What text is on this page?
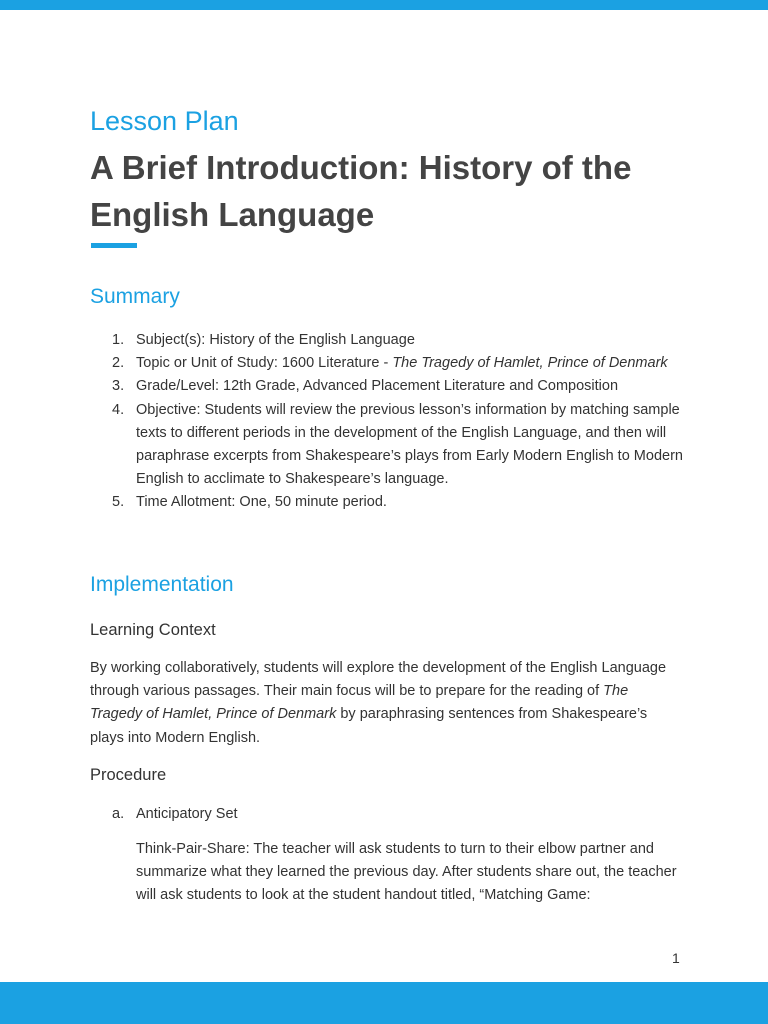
Lesson Plan
A Brief Introduction: History of the English Language
Summary
1. Subject(s): History of the English Language
2. Topic or Unit of Study: 1600 Literature - The Tragedy of Hamlet, Prince of Denmark
3. Grade/Level: 12th Grade, Advanced Placement Literature and Composition
4. Objective: Students will review the previous lesson’s information by matching sample texts to different periods in the development of the English Language, and then will paraphrase excerpts from Shakespeare’s plays from Early Modern English to Modern English to acclimate to Shakespeare’s language.
5. Time Allotment: One, 50 minute period.
Implementation
Learning Context

By working collaboratively, students will explore the development of the English Language through various passages. Their main focus will be to prepare for the reading of The Tragedy of Hamlet, Prince of Denmark by paraphrasing sentences from Shakespeare’s plays into Modern English.

Procedure
a. Anticipatory Set

Think-Pair-Share: The teacher will ask students to turn to their elbow partner and summarize what they learned the previous day. After students share out, the teacher will ask students to look at the student handout titled, “Matching Game:

1
